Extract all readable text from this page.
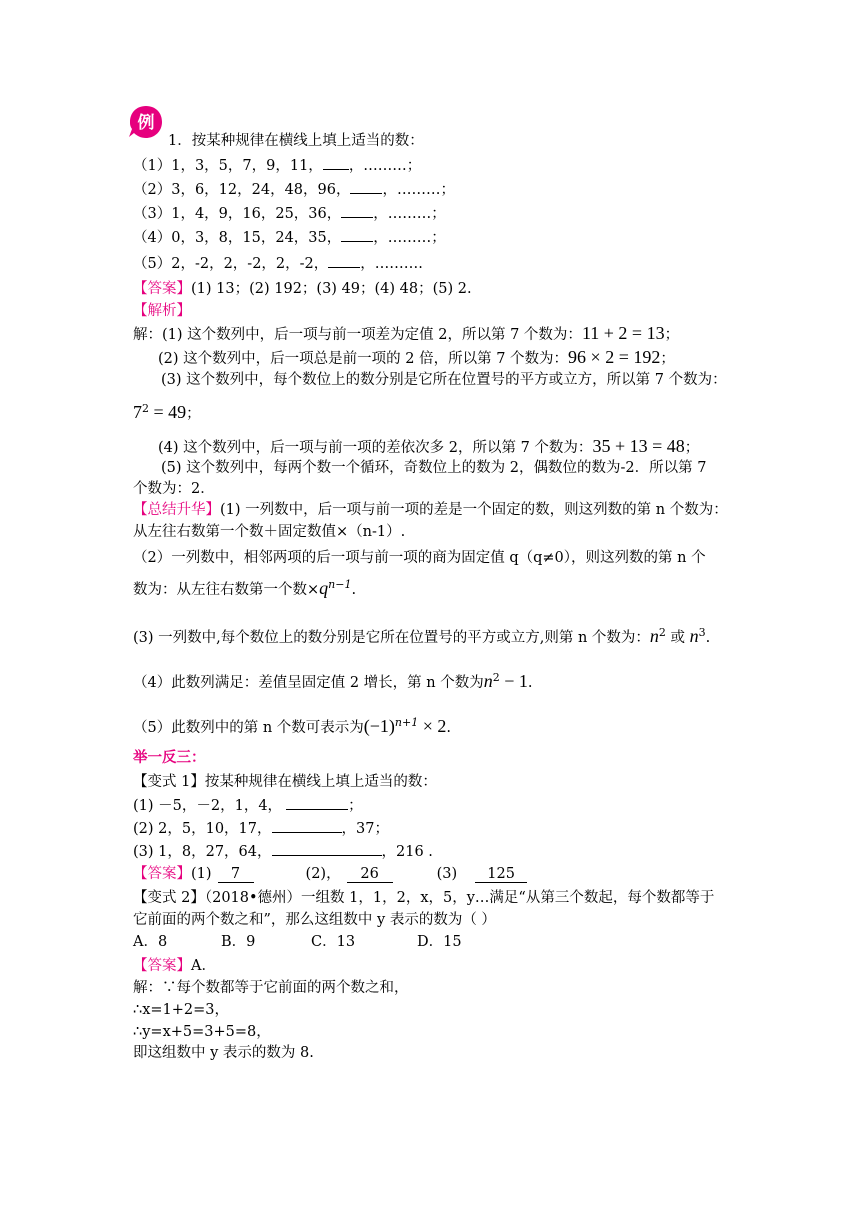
例
1．按某种规律在横线上填上适当的数：
（1）1，3，5，7，9，11， ，………；
（2）3，6，12，24，48，96， ，………；
（3）1，4，9，16，25，36， ，………；
（4）0，3，8，15，24，35， ，………；
（5）2，-2，2，-2，2，-2， ，……….
【答案】(1) 13；(2) 192；(3) 49；(4) 48；(5) 2.
【解析】
解：(1) 这个数列中，后一项与前一项差为定值 2，所以第 7 个数为：11 + 2 = 13；
(2) 这个数列中，后一项总是前一项的 2 倍，所以第 7 个数为：96 × 2 = 192；
(3) 这个数列中，每个数位上的数分别是它所在位置号的平方或立方，所以第 7 个数为：
$7^2 = 49$；
(4) 这个数列中，后一项与前一项的差依次多 2，所以第 7 个数为：35 + 13 = 48；
(5) 这个数列中，每两个数一个循环，奇数位上的数为 2，偶数位的数为-2．所以第 7
个数为：2．
【总结升华】(1) 一列数中，后一项与前一项的差是一个固定的数，则这列数的第 n 个数为：
从左往右数第一个数＋固定数值×（n-1）.
（2）一列数中，相邻两项的后一项与前一项的商为固定值 q（q≠0），则这列数的第 n 个
数为：从左往右数第一个数$\times q^{n-1}$.
(3) 一列数中,每个数位上的数分别是它所在位置号的平方或立方,则第 n 个数为：$n^2$ 或 $n^3$.
（4）此数列满足：差值呈固定值 2 增长，第 n 个数为$n^2 - 1$.
（5）此数列中的第 n 个数可表示为$(-1)^{n+1} \times 2$.
举一反三：
【变式 1】按某种规律在横线上填上适当的数：
(1) －5，－2，1，4，	；
(2) 2，5，10，17，	，37；
(3) 1，8，27，64，	，216 .
【答案】(1) 7	(2)， 26	(3) 125
【变式 2】（2018•德州）一组数 1，1，2，x，5，y…满足“从第三个数起，每个数都等于
它前面的两个数之和”，那么这组数中 y 表示的数为（ ）
A．8	B．9	C．13	D．15
【答案】A．
解：∵每个数都等于它前面的两个数之和，
∴x=1+2=3，
∴y=x+5=3+5=8，
即这组数中 y 表示的数为 8.
